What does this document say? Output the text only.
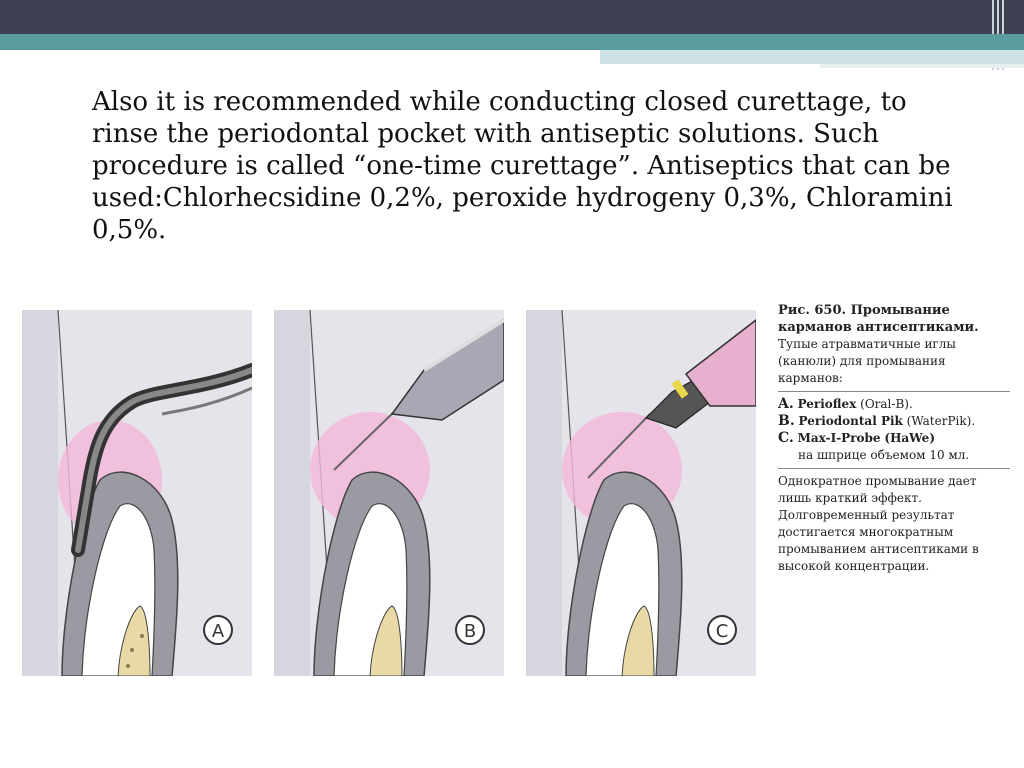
Also it is recommended while conducting closed curettage, to rinse the periodontal pocket with antiseptic solutions. Such procedure is called “one-time curettage”. Antiseptics that can be used:Chlorhecsidine 0,2%, peroxide hydrogeny 0,3%, Chloramini 0,5%.

A	B	C

Рис. 650. Промывание карманов антисептиками.

Тупые атравматичные иглы (канюли) для промывания карманов:

A. Perioflex (Oral-B).
B. Periodontal Pik (WaterPik).
C. Max-I-Probe (HaWe)

на шприце объемом 10 мл.

Однократное промывание дает лишь краткий эффект. Долговременный результат достигается многократным промыванием антисептиками в высокой концентрации.
